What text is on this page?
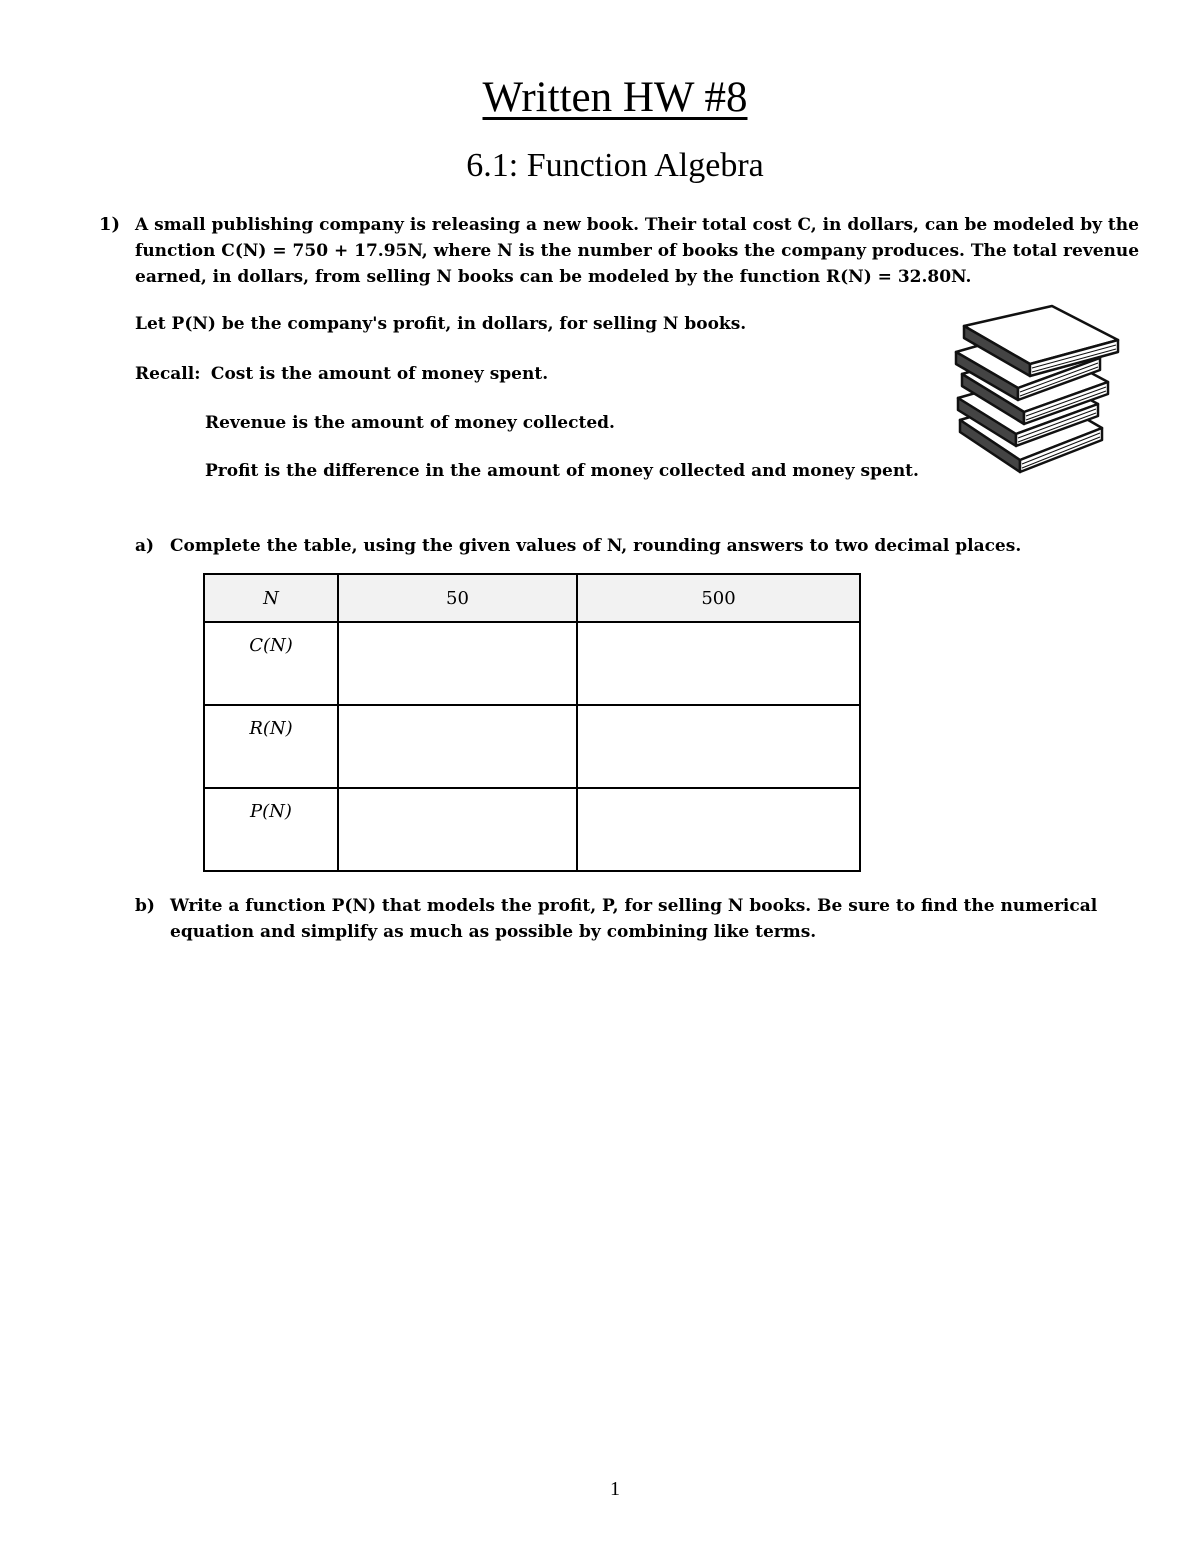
Written HW #8
6.1: Function Algebra
1) A small publishing company is releasing a new book. Their total cost C, in dollars, can be modeled by the
function C(N) = 750 + 17.95N, where N is the number of books the company produces. The total revenue
earned, in dollars, from selling N books can be modeled by the function R(N) = 32.80N.
Let P(N) be the company's profit, in dollars, for selling N books.
Recall: Cost is the amount of money spent.
Revenue is the amount of money collected.
Profit is the difference in the amount of money collected and money spent.
a) Complete the table, using the given values of N, rounding answers to two decimal places.
N	50	500
C(N)		
R(N)		
P(N)		
b) Write a function P(N) that models the profit, P, for selling N books. Be sure to find the numerical
equation and simplify as much as possible by combining like terms.
1
